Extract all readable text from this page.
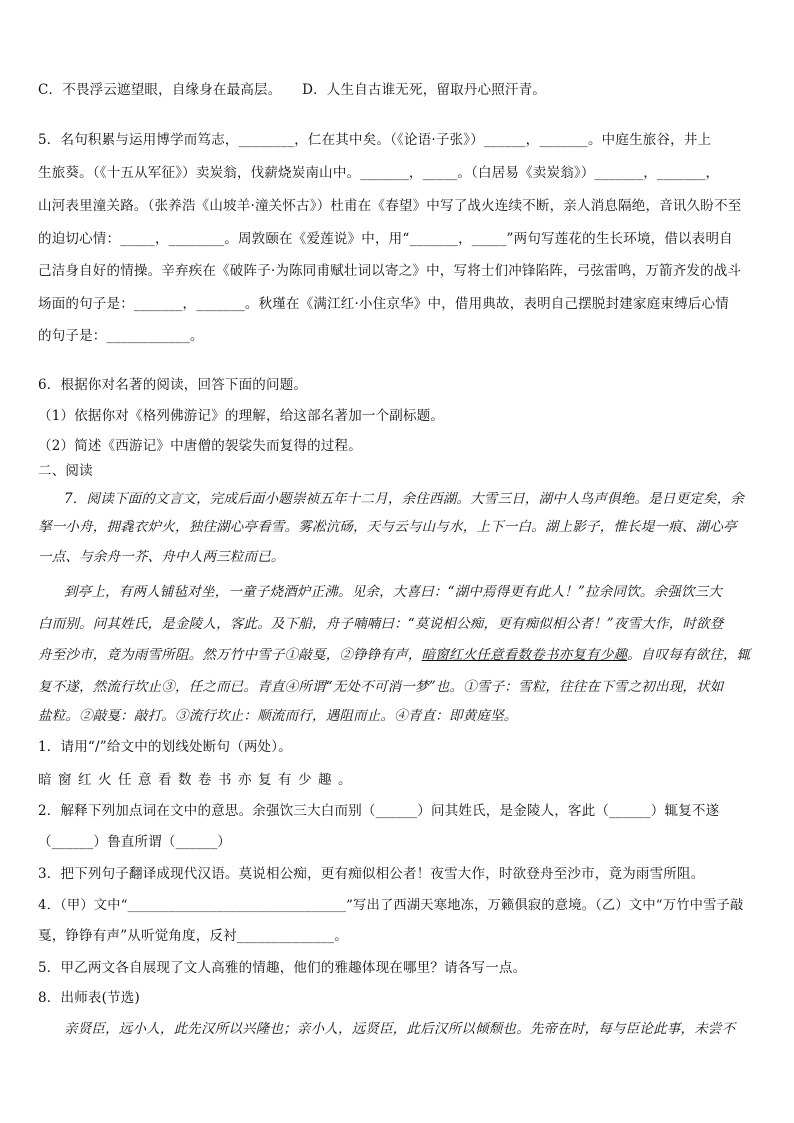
C．不畏浮云遮望眼，自缘身在最高层。　　D．人生自古谁无死，留取丹心照汗青。
5．名句积累与运用博学而笃志，________，仁在其中矣。（《论语·子张》）______，_______。中庭生旅谷，井上
生旅葵。（《十五从军征》）卖炭翁，伐薪烧炭南山中。_______，_____。（白居易《卖炭翁》）_______，_______，
山河表里潼关路。（张养浩《山坡羊·潼关怀古》）杜甫在《春望》中写了战火连续不断，亲人消息隔绝，音讯久盼不至
的迫切心情：_____，________。周敦颐在《爱莲说》中，用“_______，_____”两句写莲花的生长环境，借以表明自
己洁身自好的情操。辛弃疾在《破阵子·为陈同甫赋壮词以寄之》中，写将士们冲锋陷阵，弓弦雷鸣，万箭齐发的战斗
场面的句子是：_______，_______。秋瑾在《满江红·小住京华》中，借用典故，表明自己摆脱封建家庭束缚后心情
的句子是：____________。
6．根据你对名著的阅读，回答下面的问题。
（1）依据你对《格列佛游记》的理解，给这部名著加一个副标题。
（2）简述《西游记》中唐僧的袈裟失而复得的过程。
二、阅读
7．阅读下面的文言文，完成后面小题崇祯五年十二月，余住西湖。大雪三日，湖中人鸟声俱绝。是日更定矣，余
拏一小舟，拥毳衣炉火，独往湖心亭看雪。雾凇沆砀，天与云与山与水，上下一白。湖上影子，惟长堤一痕、湖心亭
一点、与余舟一芥、舟中人两三粒而已。
到亭上，有两人铺毡对坐，一童子烧酒炉正沸。见余，大喜曰：“湖中焉得更有此人！”拉余同饮。余强饮三大
白而别。问其姓氏，是金陵人，客此。及下船，舟子喃喃曰：“莫说相公痴，更有痴似相公者！”夜雪大作，时欲登
舟至沙市，竟为雨雪所阻。然万竹中雪子①敲戛，②铮铮有声，暗窗红火任意看数卷书亦复有少趣。自叹每有欲往，辄
复不遂，然流行坎止③，任之而已。青直④所谓“无处不可消一梦”也。①雪子：雪粒，往往在下雪之初出现，状如
盐粒。②敲戛：敲打。③流行坎止：顺流而行，遇阻而止。④青直：即黄庭坚。
1．请用“/”给文中的划线处断句（两处）。
暗窗红火任意看数卷书亦复有少趣。
2．解释下列加点词在文中的意思。余强饮三大白而别（______）问其姓氏，是金陵人，客此（______）辄复不遂
（______）鲁直所谓（______）
3．把下列句子翻译成现代汉语。莫说相公痴，更有痴似相公者！夜雪大作，时欲登舟至沙市，竟为雨雪所阻。
4．（甲）文中“________________________________”写出了西湖天寒地冻，万籁俱寂的意境。（乙）文中“万竹中雪子敲
戛，铮铮有声”从听觉角度，反衬______________。
5．甲乙两文各自展现了文人高雅的情趣，他们的雅趣体现在哪里？请各写一点。
8．出师表(节选)
亲贤臣，远小人，此先汉所以兴隆也；亲小人，远贤臣，此后汉所以倾颓也。先帝在时，每与臣论此事，未尝不
